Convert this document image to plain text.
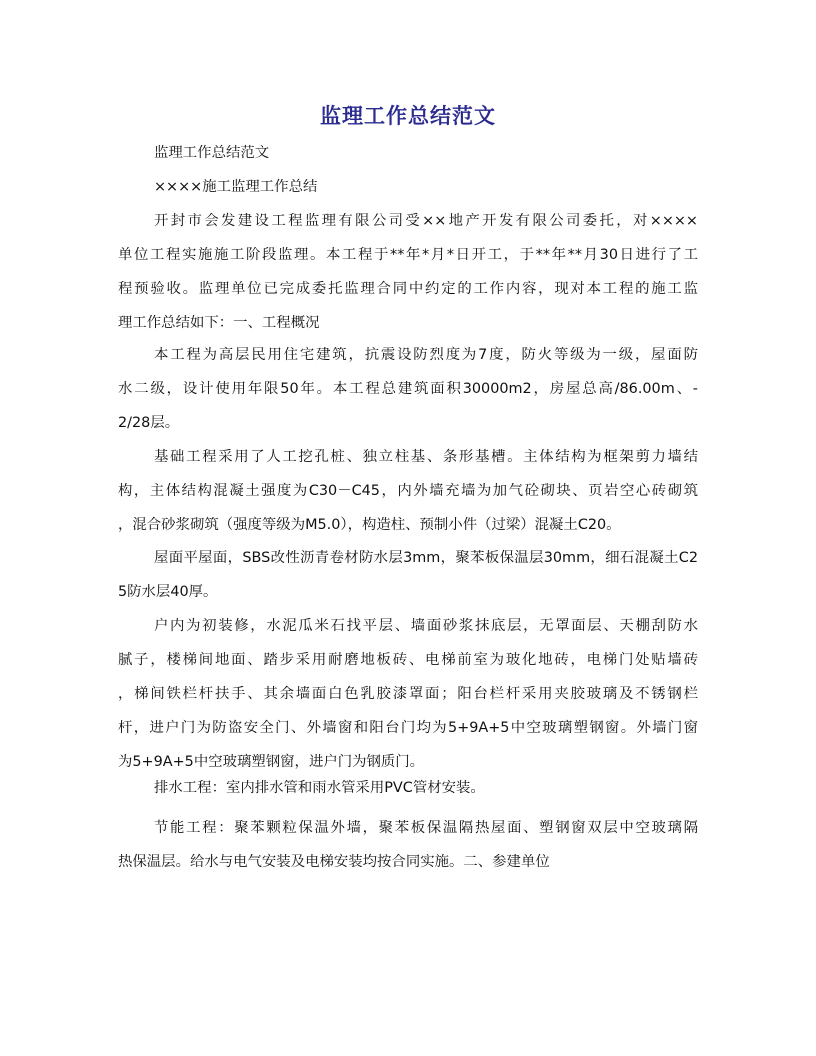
监理工作总结范文
监理工作总结范文
××××施工监理工作总结
开封市会发建设工程监理有限公司受××地产开发有限公司委托，对××××
单位工程实施施工阶段监理。本工程于**年*月*日开工，于**年**月30日进行了工
程预验收。监理单位已完成委托监理合同中约定的工作内容，现对本工程的施工监
理工作总结如下：一、工程概况
本工程为高层民用住宅建筑，抗震设防烈度为7度，防火等级为一级，屋面防
水二级，设计使用年限50年。本工程总建筑面积30000m2，房屋总高/86.00m、-
2/28层。
基础工程采用了人工挖孔桩、独立柱基、条形基槽。主体结构为框架剪力墙结
构，主体结构混凝土强度为C30－C45，内外墙充墙为加气砼砌块、页岩空心砖砌筑
，混合砂浆砌筑（强度等级为M5.0），构造柱、预制小件（过梁）混凝土C20。
屋面平屋面，SBS改性沥青卷材防水层3mm，聚苯板保温层30mm，细石混凝土C2
5防水层40厚。
户内为初装修，水泥瓜米石找平层、墙面砂浆抹底层，无罩面层、天棚刮防水
腻子，楼梯间地面、踏步采用耐磨地板砖、电梯前室为玻化地砖，电梯门处贴墙砖
，梯间铁栏杆扶手、其余墙面白色乳胶漆罩面；阳台栏杆采用夹胶玻璃及不锈钢栏
杆，进户门为防盗安全门、外墙窗和阳台门均为5+9A+5中空玻璃塑钢窗。外墙门窗
为5+9A+5中空玻璃塑钢窗，进户门为钢质门。
排水工程：室内排水管和雨水管采用PVC管材安装。
节能工程：聚苯颗粒保温外墙，聚苯板保温隔热屋面、塑钢窗双层中空玻璃隔
热保温层。给水与电气安装及电梯安装均按合同实施。二、参建单位
